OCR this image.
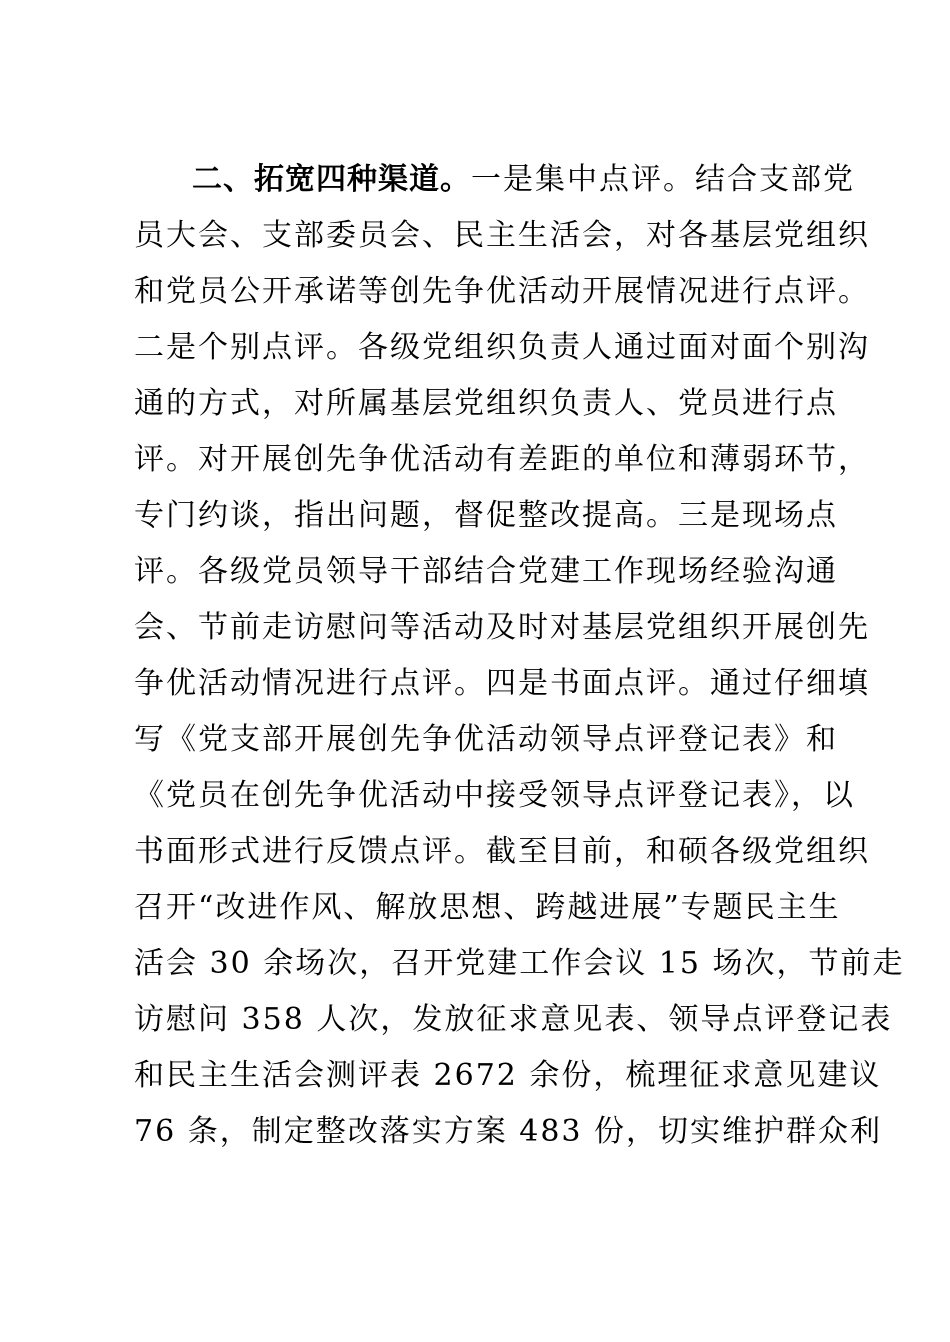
二、拓宽四种渠道。一是集中点评。结合支部党
员大会、支部委员会、民主生活会，对各基层党组织
和党员公开承诺等创先争优活动开展情况进行点评。
二是个别点评。各级党组织负责人通过面对面个别沟
通的方式，对所属基层党组织负责人、党员进行点
评。对开展创先争优活动有差距的单位和薄弱环节，
专门约谈，指出问题，督促整改提高。三是现场点
评。各级党员领导干部结合党建工作现场经验沟通
会、节前走访慰问等活动及时对基层党组织开展创先
争优活动情况进行点评。四是书面点评。通过仔细填
写《党支部开展创先争优活动领导点评登记表》和
《党员在创先争优活动中接受领导点评登记表》，以
书面形式进行反馈点评。截至目前，和硕各级党组织
召开“改进作风、解放思想、跨越进展”专题民主生
活会 30 余场次，召开党建工作会议 15 场次，节前走
访慰问 358 人次，发放征求意见表、领导点评登记表
和民主生活会测评表 2672 余份，梳理征求意见建议
76 条，制定整改落实方案 483 份，切实维护群众利
